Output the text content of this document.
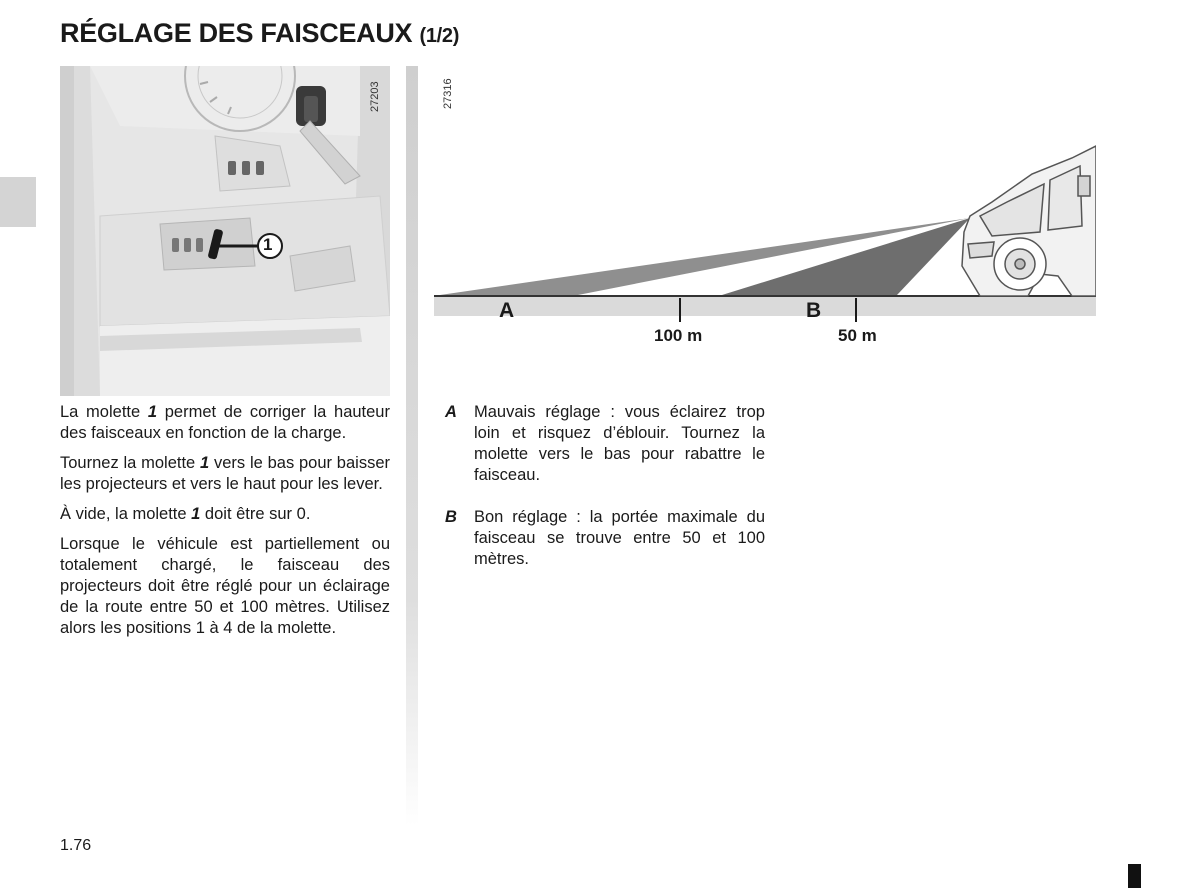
RÉGLAGE DES FAISCEAUX (1/2)
1
27203	27316
A	B
100 m	50 m

La molette 1 permet de corriger la hauteur des faisceaux en fonction de la charge.

Tournez la molette 1 vers le bas pour baisser les projecteurs et vers le haut pour les lever.

À vide, la molette 1 doit être sur 0.

Lorsque le véhicule est partiellement ou totalement chargé, le faisceau des projecteurs doit être réglé pour un éclairage de la route entre 50 et 100 mètres. Utilisez alors les positions 1 à 4 de la molette.

A	Mauvais réglage : vous éclairez trop loin et risquez d’éblouir. Tournez la molette vers le bas pour rabattre le faisceau.
B	Bon réglage : la portée maximale du faisceau se trouve entre 50 et 100 mètres.
1.76
